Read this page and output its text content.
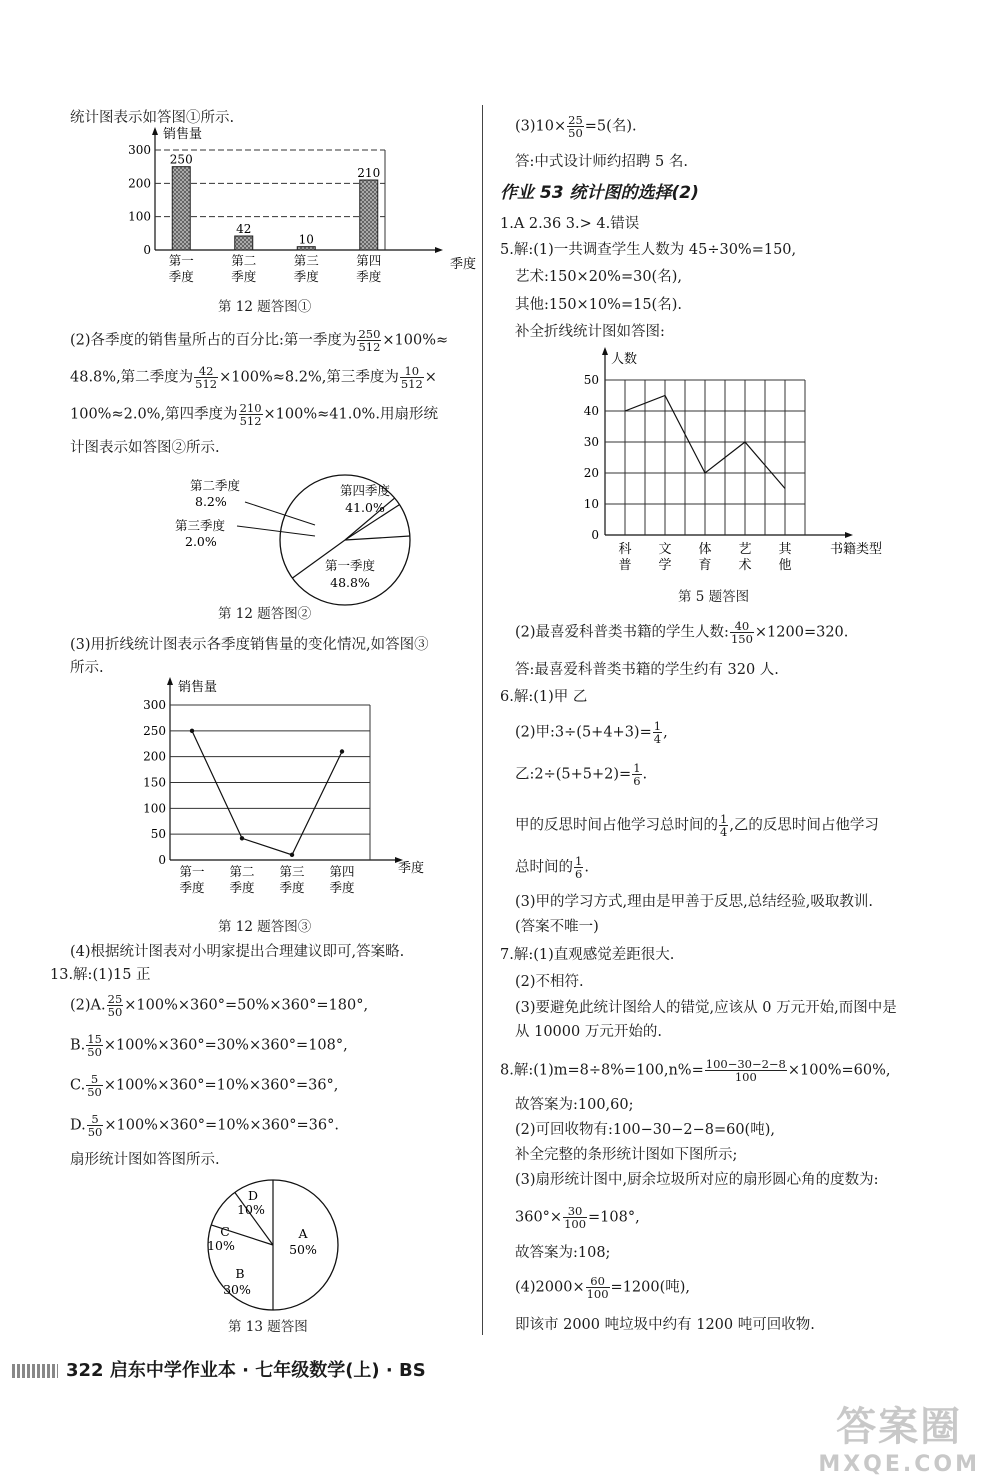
统计图表示如答图①所示.
销售量
季度
0
100
200
300
250
第一
季度
42
第二
季度
10
第三
季度
210
第四
季度
第 12 题答图①
(2)各季度的销售量所占的百分比:第一季度为 $\frac{250}{512} \times 100\%\approx$
48.8%,第二季度为 $\frac{42}{512} \times 100\%\approx 8.2\%$,第三季度为 $\frac{10}{512}$ ×
100%≈2.0%,第四季度为 $\frac{210}{512} \times 100\%\approx 41.0\%$.用扇形统
计图表示如答图②所示.
第四季度
41.0%
第一季度
48.8%
第二季度
8.2%
第三季度
2.0%
第 12 题答图②
(3)用折线统计图表示各季度销售量的变化情况,如答图③
所示.
销售量
季度
0
50
100
150
200
250
300
第一
季度
第二
季度
第三
季度
第四
季度
第 12 题答图③
(4)根据统计图表对小明家提出合理建议即可,答案略.
13.解:(1)15 正
(2)A. $\frac{25}{50} \times 100\%\times 360^\circ=50\%\times 360^\circ=180^\circ$,
B. $\frac{15}{50} \times 100\%\times 360^\circ=30\%\times 360^\circ=108^\circ$,
C. $\frac{5}{50} \times 100\%\times 360^\circ=10\%\times 360^\circ=36^\circ$,
D. $\frac{5}{50} \times 100\%\times 360^\circ=10\%\times 360^\circ=36^\circ$.
扇形统计图如答图所示.
A
50%
B
30%
C
10%
D
10%
第 13 题答图
$(3)10\times \frac{25}{50} =5$(名).
答:中式设计师约招聘 5 名.
作业 53 统计图的选择(2)
1.A 2.36 3.> 4.错误
5.解:(1)一共调查学生人数为 45÷30%=150,
艺术:150×20%=30(名),
其他:150×10%=15(名).
补全折线统计图如答图:
人数
书籍类型
0
10
20
30
40
50
科
普
文
学
体
育
艺
术
其
他
第 5 题答图
(2)最喜爱科普类书籍的学生人数: $\frac{40}{150} \times 1200=320$.
答:最喜爱科普类书籍的学生约有 320 人.
6.解:(1)甲 乙
(2)甲:3÷(5+4+3)= $\frac{1}{4}$ ,
乙:2÷(5+5+2)= $\frac{1}{6}$ .
甲的反思时间占他学习总时间的 $\frac{1}{4}$ ,乙的反思时间占他学习
总时间的 $\frac{1}{6}$ .
(3)甲的学习方式,理由是甲善于反思,总结经验,吸取教训.
(答案不唯一)
7.解:(1)直观感觉差距很大.
(2)不相符.
(3)要避免此统计图给人的错觉,应该从 0 万元开始,而图中是
从 10000 万元开始的.
8.解:(1)m=8÷8%=100,n%= $\frac{100-30-2-8}{100} \times 100\%=60\%$,
故答案为:100,60;
(2)可回收物有:100−30−2−8=60(吨),
补全完整的条形统计图如下图所示;
(3)扇形统计图中,厨余垃圾所对应的扇形圆心角的度数为:
$360^\circ\times \frac{30}{100} =108^\circ$,
故答案为:108;
$(4)2000\times \frac{60}{100} =1200$(吨),
即该市 2000 吨垃圾中约有 1200 吨可回收物.
322 启东中学作业本 · 七年级数学(上) · BS
答案圈
MXQE.COM
